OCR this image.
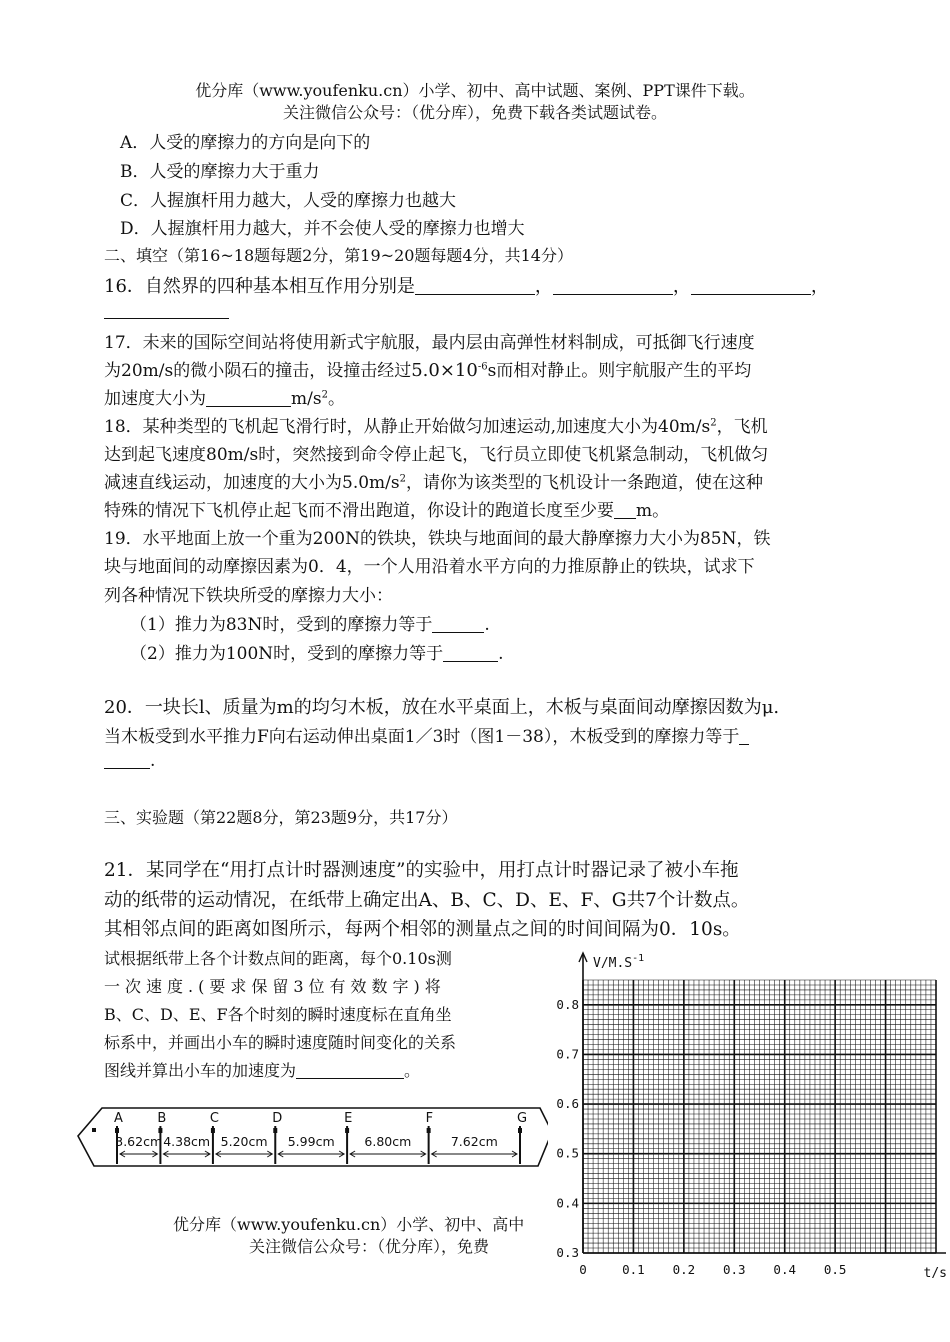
优分库（www.youfenku.cn）小学、初中、高中试题、案例、PPT课件下载。
关注微信公众号：（优分库），免费下载各类试题试卷。
A．人受的摩擦力的方向是向下的
B．人受的摩擦力大于重力
C．人握旗杆用力越大，人受的摩擦力也越大
D．人握旗杆用力越大，并不会使人受的摩擦力也增大
二、填空（第16~18题每题2分，第19~20题每题4分，共14分）
16．自然界的四种基本相互作用分别是	，	，	，
17．未来的国际空间站将使用新式宇航服，最内层由高弹性材料制成，可抵御飞行速度
为20m/s的微小陨石的撞击，设撞击经过$5.0\times 10^{-6}s$而相对静止。则宇航服产生的平均
加速度大小为	$m/s^2$。
18．某种类型的飞机起飞滑行时，从静止开始做匀加速运动,加速度大小为$40m/s^2$，飞机
达到起飞速度80m/s时，突然接到命令停止起飞，飞行员立即使飞机紧急制动，飞机做匀
减速直线运动，加速度的大小为$5.0m/s^2$，请你为该类型的飞机设计一条跑道，使在这种
特殊的情况下飞机停止起飞而不滑出跑道，你设计的跑道长度至少要 m。
19．水平地面上放一个重为200N的铁块，铁块与地面间的最大静摩擦力大小为85N，铁
块与地面间的动摩擦因素为0．4，一个人用沿着水平方向的力推原静止的铁块，试求下
列各种情况下铁块所受的摩擦力大小：
（1）推力为83N时，受到的摩擦力等于	.
（2）推力为100N时，受到的摩擦力等于	.
20．一块长l、质量为m的均匀木板，放在水平桌面上，木板与桌面间动摩擦因数为μ.
当木板受到水平推力F向右运动伸出桌面1／3时（图1－38），木板受到的摩擦力等于
.
三、实验题（第22题8分，第23题9分，共17分）
21．某同学在“用打点计时器测速度”的实验中，用打点计时器记录了被小车拖
动的纸带的运动情况，在纸带上确定出A、B、C、D、E、F、G共7个计数点。
其相邻点间的距离如图所示，每两个相邻的测量点之间的时间间隔为0．10s。
试根据纸带上各个计数点间的距离，每个0.10s测
一次速度.(要求保留3位有效数字)将
B、C、D、E、F各个时刻的瞬时速度标在直角坐
标系中，并画出小车的瞬时速度随时间变化的关系
图线并算出小车的加速度为	。
A	B	C	D	E	F	G
3.62cm 4.38cm 5.20cm 5.99cm 6.80cm	7.62cm
优分库（www.youfenku.cn）小学、初中、高中
关注微信公众号：（优分库），免费
0	0.1 0.2 0.3 0.4 0.5
0.3
0.4
0.5
0.6
0.7
0.8
$V/M.S^{-1}$
t/s
